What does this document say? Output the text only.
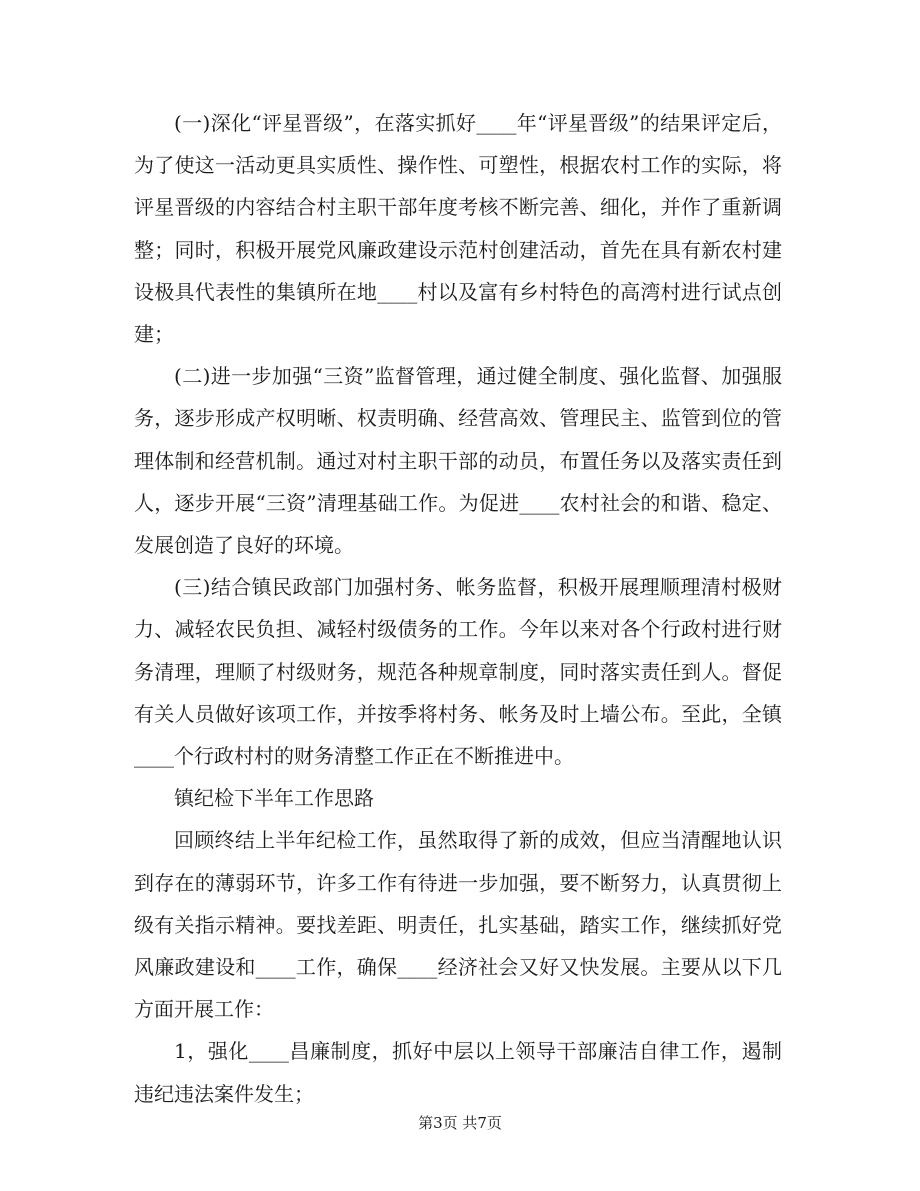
(一)深化“评星晋级”，在落实抓好____年“评星晋级”的结果评定后，为了使这一活动更具实质性、操作性、可塑性，根据农村工作的实际，将评星晋级的内容结合村主职干部年度考核不断完善、细化，并作了重新调整；同时，积极开展党风廉政建设示范村创建活动，首先在具有新农村建设极具代表性的集镇所在地____村以及富有乡村特色的高湾村进行试点创建；

(二)进一步加强“三资”监督管理，通过健全制度、强化监督、加强服务，逐步形成产权明晰、权责明确、经营高效、管理民主、监管到位的管理体制和经营机制。通过对村主职干部的动员，布置任务以及落实责任到人，逐步开展“三资”清理基础工作。为促进____农村社会的和谐、稳定、发展创造了良好的环境。

(三)结合镇民政部门加强村务、帐务监督，积极开展理顺理清村极财力、减轻农民负担、减轻村级债务的工作。今年以来对各个行政村进行财务清理，理顺了村级财务，规范各种规章制度，同时落实责任到人。督促有关人员做好该项工作，并按季将村务、帐务及时上墙公布。至此，全镇____个行政村村的财务清整工作正在不断推进中。

镇纪检下半年工作思路

回顾终结上半年纪检工作，虽然取得了新的成效，但应当清醒地认识到存在的薄弱环节，许多工作有待进一步加强，要不断努力，认真贯彻上级有关指示精神。要找差距、明责任，扎实基础，踏实工作，继续抓好党风廉政建设和____工作，确保____经济社会又好又快发展。主要从以下几方面开展工作：

1，强化____昌廉制度，抓好中层以上领导干部廉洁自律工作，遏制违纪违法案件发生；

第3页 共7页
